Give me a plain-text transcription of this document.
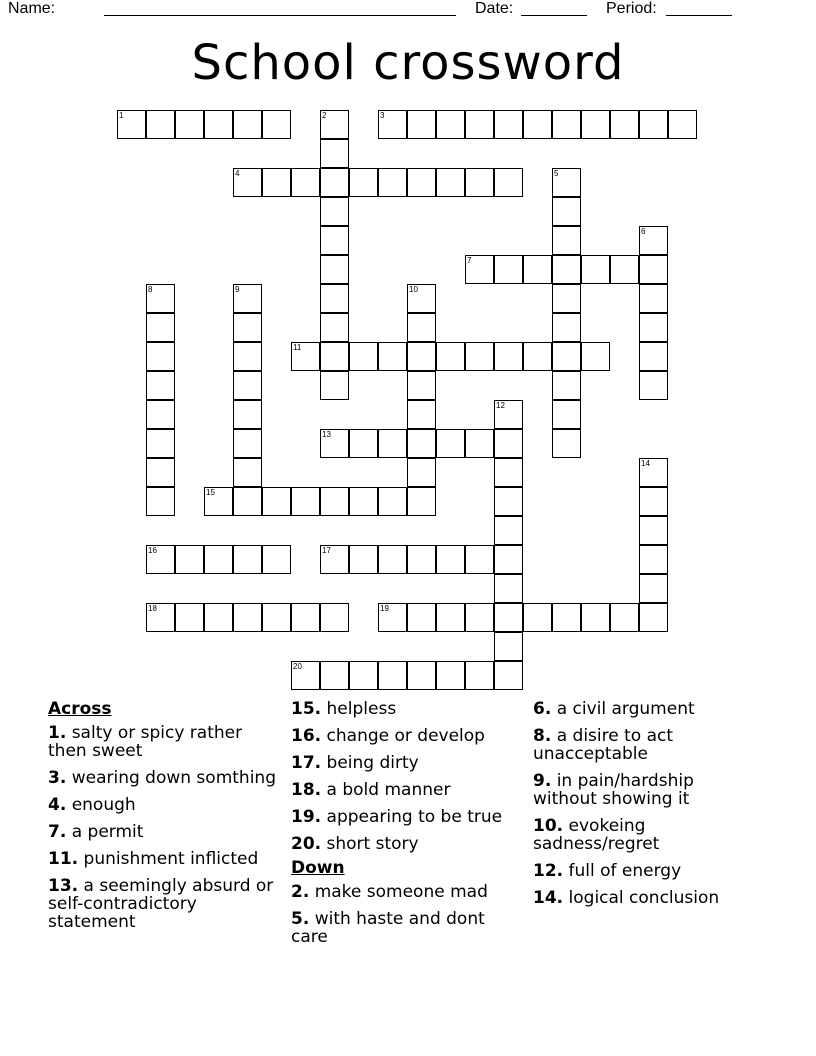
Name:	Date:	Period:
School crossword
1	3
4
7
11
13
15
16	17
18	19
20
2
5
6
8	9	10
12
14
Across
1. salty or spicy rather then sweet
3. wearing down somthing
4. enough
7. a permit
11. punishment inflicted
13. a seemingly absurd or self-contradictory statement
15. helpless
16. change or develop
17. being dirty
18. a bold manner
19. appearing to be true
20. short story
Down
2. make someone mad
5. with haste and dont care
6. a civil argument
8. a disire to act unacceptable
9. in pain/hardship without showing it
10. evokeing sadness/regret
12. full of energy
14. logical conclusion
